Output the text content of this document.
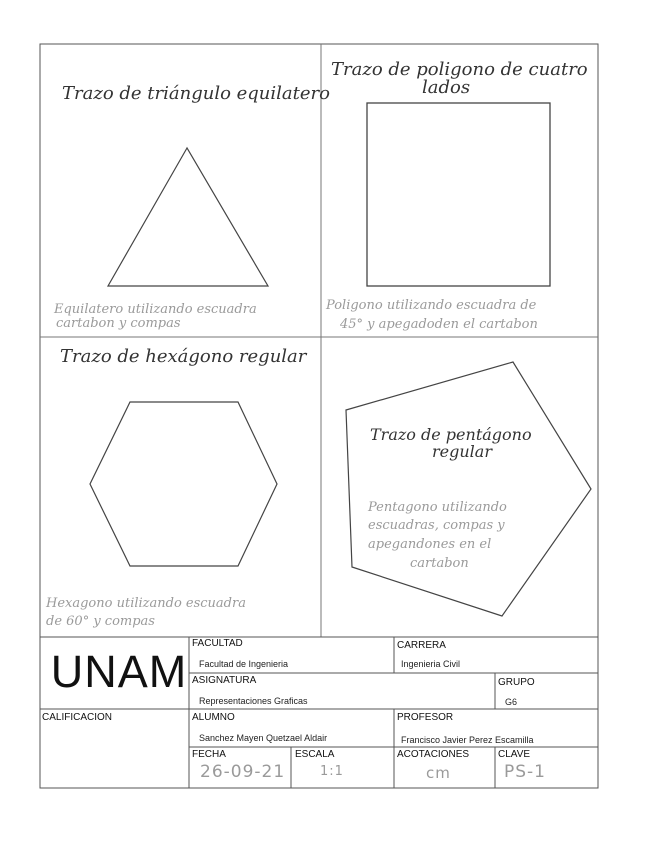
Trazo de triángulo equilatero
Equilatero utilizando escuadra
cartabon y compas
Trazo de poligono de cuatro
lados
Poligono utilizando escuadra de
45° y apegadoden el cartabon
Trazo de hexágono regular
Hexagono utilizando escuadra
de 60° y compas
Trazo de pentágono
regular
Pentagono utilizando
escuadras, compas y
apegandones en el
cartabon
UNAM
FACULTAD
Facultad de Ingenieria
CARRERA
Ingenieria Civil
ASIGNATURA
Representaciones Graficas
GRUPO
G6
CALIFICACION	ALUMNO
Sanchez Mayen Quetzael Aldair
PROFESOR
Francisco Javier Perez Escamilla
FECHA
26-09-21
ESCALA
1:1
ACOTACIONES
cm
CLAVE
PS-1
